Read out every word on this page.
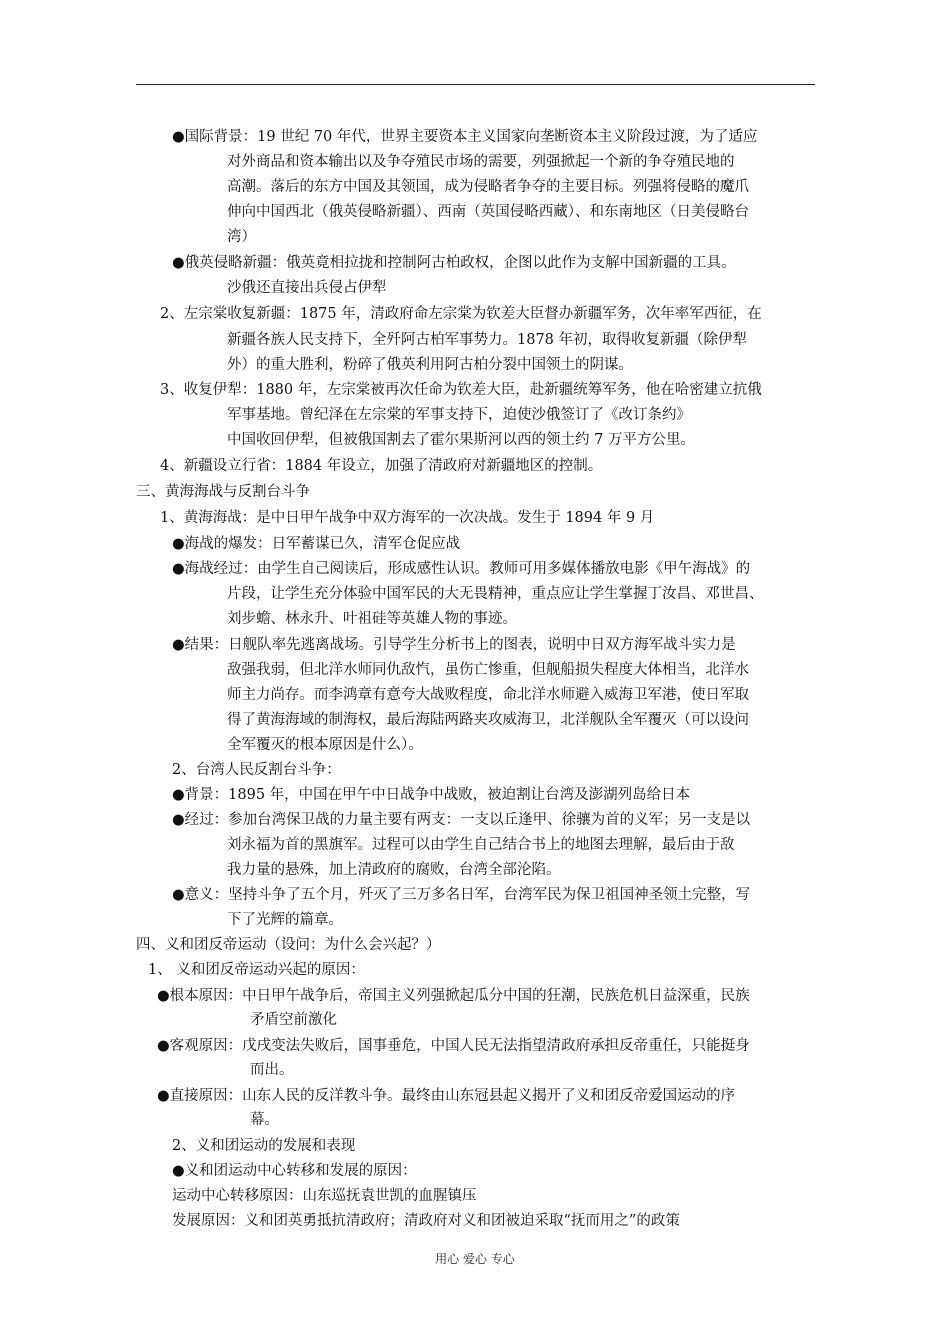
●国际背景：19 世纪 70 年代，世界主要资本主义国家向垄断资本主义阶段过渡，为了适应
对外商品和资本输出以及争夺殖民市场的需要，列强掀起一个新的争夺殖民地的
高潮。落后的东方中国及其领国，成为侵略者争夺的主要目标。列强将侵略的魔爪
伸向中国西北（俄英侵略新疆）、西南（英国侵略西藏）、和东南地区（日美侵略台
湾）
●俄英侵略新疆：俄英竟相拉拢和控制阿古柏政权，企图以此作为支解中国新疆的工具。
沙俄还直接出兵侵占伊犁
2、左宗棠收复新疆：1875 年，清政府命左宗棠为钦差大臣督办新疆军务，次年率军西征，在
新疆各族人民支持下，全歼阿古柏军事势力。1878 年初，取得收复新疆（除伊犁
外）的重大胜利，粉碎了俄英利用阿古柏分裂中国领土的阴谋。
3、收复伊犁：1880 年，左宗棠被再次任命为钦差大臣，赴新疆统筹军务，他在哈密建立抗俄
军事基地。曾纪泽在左宗棠的军事支持下，迫使沙俄签订了《改订条约》
中国收回伊犁，但被俄国割去了霍尔果斯河以西的领土约 7 万平方公里。
4、新疆设立行省：1884 年设立，加强了清政府对新疆地区的控制。
三、黄海海战与反割台斗争
1、黄海海战：是中日甲午战争中双方海军的一次决战。发生于 1894 年 9 月
●海战的爆发：日军蓄谋已久，清军仓促应战
●海战经过：由学生自己阅读后，形成感性认识。教师可用多媒体播放电影《甲午海战》的
片段，让学生充分体验中国军民的大无畏精神，重点应让学生掌握丁汝昌、邓世昌、
刘步蟾、林永升、叶祖硅等英雄人物的事迹。
●结果：日舰队率先逃离战场。引导学生分析书上的图表，说明中日双方海军战斗实力是
敌强我弱，但北洋水师同仇敌忾，虽伤亡惨重，但舰船损失程度大体相当，北洋水
师主力尚存。而李鸿章有意夸大战败程度，命北洋水师避入威海卫军港，使日军取
得了黄海海域的制海权，最后海陆两路夹攻威海卫，北洋舰队全军覆灭（可以设问
全军覆灭的根本原因是什么）。
2、台湾人民反割台斗争：
●背景：1895 年，中国在甲午中日战争中战败，被迫割让台湾及澎湖列岛给日本
●经过：参加台湾保卫战的力量主要有两支：一支以丘逢甲、徐骧为首的义军；另一支是以
刘永福为首的黑旗军。过程可以由学生自己结合书上的地图去理解，最后由于敌
我力量的悬殊，加上清政府的腐败，台湾全部沦陷。
●意义：坚持斗争了五个月，歼灭了三万多名日军，台湾军民为保卫祖国神圣领土完整，写
下了光辉的篇章。
四、义和团反帝运动（设问：为什么会兴起？）
1、 义和团反帝运动兴起的原因：
●根本原因：中日甲午战争后，帝国主义列强掀起瓜分中国的狂潮，民族危机日益深重，民族
矛盾空前激化
●客观原因：戊戌变法失败后，国事垂危，中国人民无法指望清政府承担反帝重任，只能挺身
而出。
●直接原因：山东人民的反洋教斗争。最终由山东冠县起义揭开了义和团反帝爱国运动的序
幕。
2、义和团运动的发展和表现
●义和团运动中心转移和发展的原因：
运动中心转移原因：山东巡抚袁世凯的血腥镇压
发展原因：义和团英勇抵抗清政府；清政府对义和团被迫采取“抚而用之”的政策
用心 爱心 专心
